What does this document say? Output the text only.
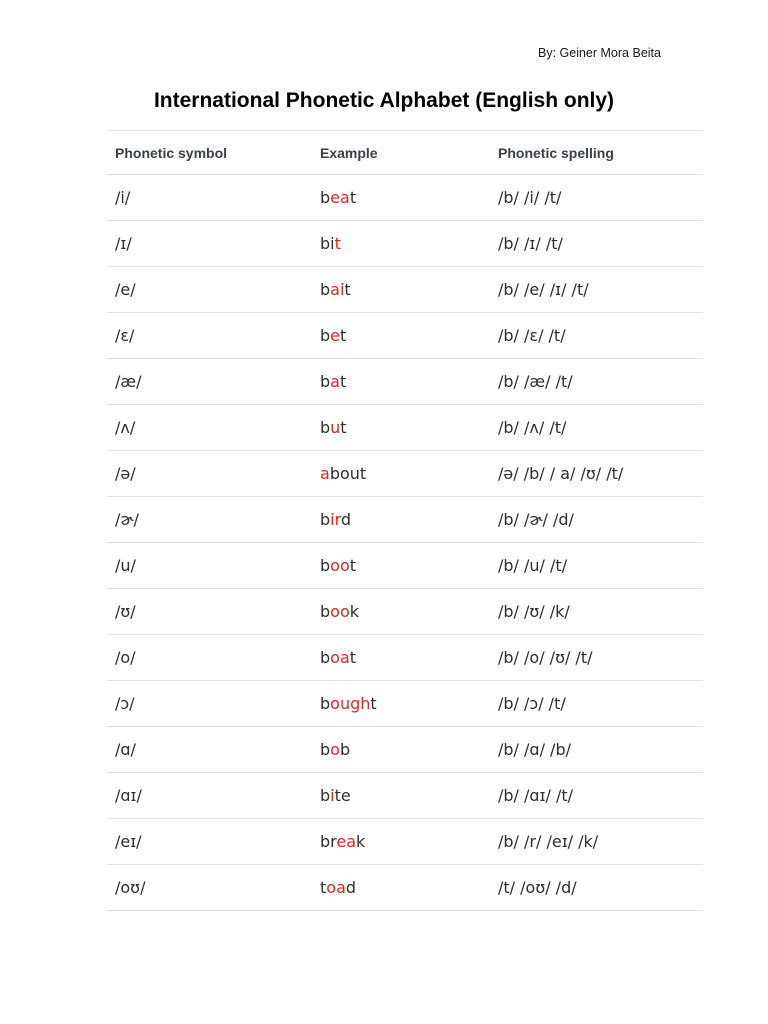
By: Geiner Mora Beita
International Phonetic Alphabet (English only)
Phonetic symbol	Example	Phonetic spelling
/i/	beat	/b/ /i/ /t/
/ɪ/	bit	/b/ /ɪ/ /t/
/e/	bait	/b/ /e/ /ɪ/ /t/
/ɛ/	bet	/b/ /ɛ/ /t/
/æ/	bat	/b/ /æ/ /t/
/ʌ/	but	/b/ /ʌ/ /t/
/ə/	about	/ə/ /b/ / a/ /ʊ/ /t/
/ɚ/	bird	/b/ /ɚ/ /d/
/u/	boot	/b/ /u/ /t/
/ʊ/	book	/b/ /ʊ/ /k/
/o/	boat	/b/ /o/ /ʊ/ /t/
/ɔ/	bought	/b/ /ɔ/ /t/
/ɑ/	bob	/b/ /ɑ/ /b/
/ɑɪ/	bite	/b/ /ɑɪ/ /t/
/eɪ/	break	/b/ /r/ /eɪ/ /k/
/oʊ/	toad	/t/ /oʊ/ /d/
